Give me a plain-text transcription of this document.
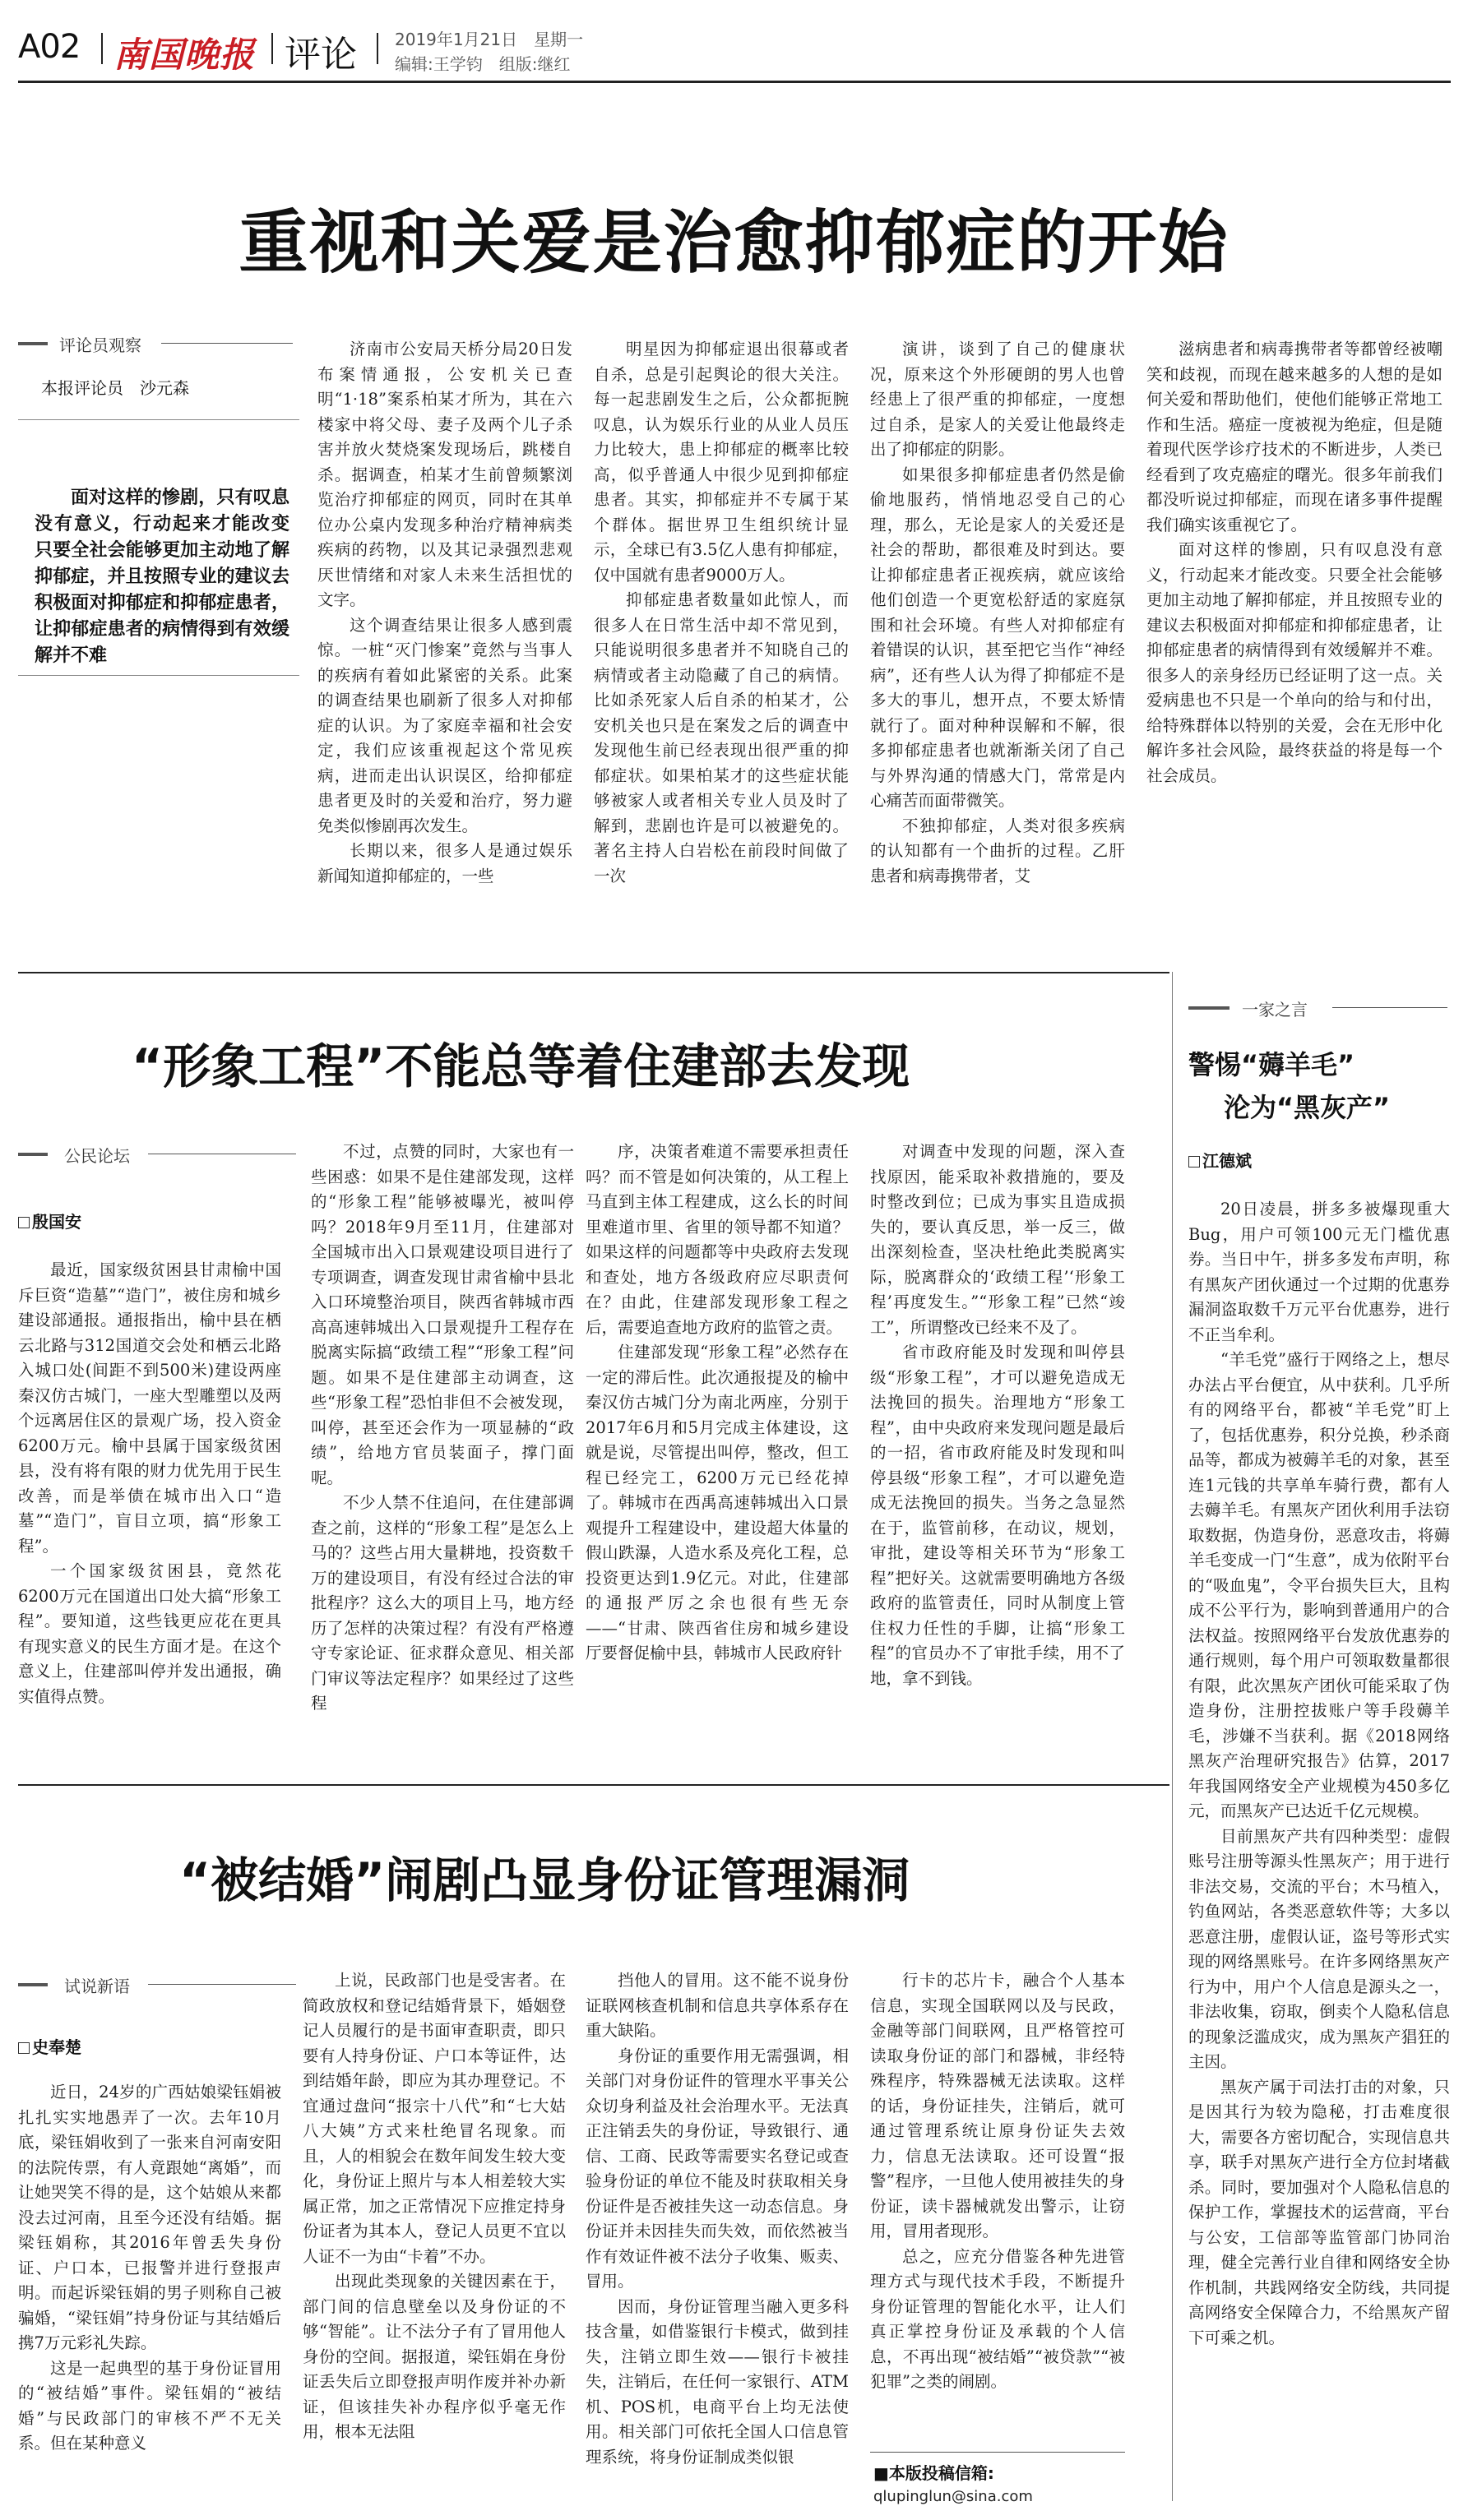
A02 南国晚报 评论 2019年1月21日　星期一
编辑:王学钧　组版:继红
重视和关爱是治愈抑郁症的开始
评论员观察
本报评论员　沙元森
面对这样的惨剧，只有叹息没有意义，行动起来才能改变　只要全社会能够更加主动地了解抑郁症，并且按照专业的建议去积极面对抑郁症和抑郁症患者，让抑郁症患者的病情得到有效缓解并不难

济南市公安局天桥分局20日发布案情通报，公安机关已查明“1·18”案系柏某才所为，其在六楼家中将父母、妻子及两个儿子杀害并放火焚烧案发现场后，跳楼自杀。据调查，柏某才生前曾频繁浏览治疗抑郁症的网页，同时在其单位办公桌内发现多种治疗精神病类疾病的药物，以及其记录强烈悲观厌世情绪和对家人未来生活担忧的文字。

这个调查结果让很多人感到震惊。一桩“灭门惨案”竟然与当事人的疾病有着如此紧密的关系。此案的调查结果也刷新了很多人对抑郁症的认识。为了家庭幸福和社会安定，我们应该重视起这个常见疾病，进而走出认识误区，给抑郁症患者更及时的关爱和治疗，努力避免类似惨剧再次发生。

长期以来，很多人是通过娱乐新闻知道抑郁症的，一些

明星因为抑郁症退出很幕或者自杀，总是引起舆论的很大关注。每一起悲剧发生之后，公众都扼腕叹息，认为娱乐行业的从业人员压力比较大，患上抑郁症的概率比较高，似乎普通人中很少见到抑郁症患者。其实，抑郁症并不专属于某个群体。据世界卫生组织统计显示，全球已有3.5亿人患有抑郁症，仅中国就有患者9000万人。

抑郁症患者数量如此惊人，而很多人在日常生活中却不常见到，只能说明很多患者并不知晓自己的病情或者主动隐藏了自己的病情。比如杀死家人后自杀的柏某才，公安机关也只是在案发之后的调查中发现他生前已经表现出很严重的抑郁症状。如果柏某才的这些症状能够被家人或者相关专业人员及时了解到，悲剧也许是可以被避免的。著名主持人白岩松在前段时间做了一次

演讲，谈到了自己的健康状况，原来这个外形硬朗的男人也曾经患上了很严重的抑郁症，一度想过自杀，是家人的关爱让他最终走出了抑郁症的阴影。

如果很多抑郁症患者仍然是偷偷地服药，悄悄地忍受自己的心理，那么，无论是家人的关爱还是社会的帮助，都很难及时到达。要让抑郁症患者正视疾病，就应该给他们创造一个更宽松舒适的家庭氛围和社会环境。有些人对抑郁症有着错误的认识，甚至把它当作“神经病”，还有些人认为得了抑郁症不是多大的事儿，想开点，不要太矫情就行了。面对种种误解和不解，很多抑郁症患者也就渐渐关闭了自己与外界沟通的情感大门，常常是内心痛苦而面带微笑。

不独抑郁症，人类对很多疾病的认知都有一个曲折的过程。乙肝患者和病毒携带者，艾

滋病患者和病毒携带者等都曾经被嘲笑和歧视，而现在越来越多的人想的是如何关爱和帮助他们，使他们能够正常地工作和生活。癌症一度被视为绝症，但是随着现代医学诊疗技术的不断进步，人类已经看到了攻克癌症的曙光。很多年前我们都没听说过抑郁症，而现在诸多事件提醒我们确实该重视它了。

面对这样的惨剧，只有叹息没有意义，行动起来才能改变。只要全社会能够更加主动地了解抑郁症，并且按照专业的建议去积极面对抑郁症和抑郁症患者，让抑郁症患者的病情得到有效缓解并不难。很多人的亲身经历已经证明了这一点。关爱病患也不只是一个单向的给与和付出，给特殊群体以特别的关爱，会在无形中化解许多社会风险，最终获益的将是每一个社会成员。

“形象工程”不能总等着住建部去发现
公民论坛
殷国安

最近，国家级贫困县甘肃榆中国斥巨资“造墓”“造门”，被住房和城乡建设部通报。通报指出，榆中县在栖云北路与312国道交会处和栖云北路入城口处(间距不到500米)建设两座秦汉仿古城门，一座大型雕塑以及两个远离居住区的景观广场，投入资金6200万元。榆中县属于国家级贫困县，没有将有限的财力优先用于民生改善，而是举债在城市出入口“造墓”“造门”，盲目立项，搞“形象工程”。

一个国家级贫困县，竟然花6200万元在国道出口处大搞“形象工程”。要知道，这些钱更应花在更具有现实意义的民生方面才是。在这个意义上，住建部叫停并发出通报，确实值得点赞。

不过，点赞的同时，大家也有一些困惑：如果不是住建部发现，这样的“形象工程”能够被曝光，被叫停吗？2018年9月至11月，住建部对全国城市出入口景观建设项目进行了专项调查，调查发现甘肃省榆中县北入口环境整治项目，陕西省韩城市西高高速韩城出入口景观提升工程存在脱离实际搞“政绩工程”“形象工程”问题。如果不是住建部主动调查，这些“形象工程”恐怕非但不会被发现，叫停，甚至还会作为一项显赫的“政绩”，给地方官员装面子，撑门面呢。

不少人禁不住追问，在住建部调查之前，这样的“形象工程”是怎么上马的？这些占用大量耕地，投资数千万的建设项目，有没有经过合法的审批程序？这么大的项目上马，地方经历了怎样的决策过程？有没有严格遵守专家论证、征求群众意见、相关部门审议等法定程序？如果经过了这些程

序，决策者难道不需要承担责任吗？而不管是如何决策的，从工程上马直到主体工程建成，这么长的时间里难道市里、省里的领导都不知道？如果这样的问题都等中央政府去发现和查处，地方各级政府应尽职责何在？由此，住建部发现形象工程之后，需要追查地方政府的监管之责。

住建部发现“形象工程”必然存在一定的滞后性。此次通报提及的榆中秦汉仿古城门分为南北两座，分别于2017年6月和5月完成主体建设，这就是说，尽管提出叫停，整改，但工程已经完工，6200万元已经花掉了。韩城市在西禹高速韩城出入口景观提升工程建设中，建设超大体量的假山跌瀑，人造水系及亮化工程，总投资更达到1.9亿元。对此，住建部的通报严厉之余也很有些无奈——“甘肃、陕西省住房和城乡建设厅要督促榆中县，韩城市人民政府针

对调查中发现的问题，深入查找原因，能采取补救措施的，要及时整改到位；已成为事实且造成损失的，要认真反思，举一反三，做出深刻检查，坚决杜绝此类脱离实际，脱离群众的‘政绩工程’‘形象工程’再度发生。”“形象工程”已然“竣工”，所谓整改已经来不及了。

省市政府能及时发现和叫停县级“形象工程”，才可以避免造成无法挽回的损失。治理地方“形象工程”，由中央政府来发现问题是最后的一招，省市政府能及时发现和叫停县级“形象工程”，才可以避免造成无法挽回的损失。当务之急显然在于，监管前移，在动议，规划，审批，建设等相关环节为“形象工程”把好关。这就需要明确地方各级政府的监管责任，同时从制度上管住权力任性的手脚，让搞“形象工程”的官员办不了审批手续，用不了地，拿不到钱。

“被结婚”闹剧凸显身份证管理漏洞
试说新语
史奉楚

近日，24岁的广西姑娘梁钰娟被扎扎实实地愚弄了一次。去年10月底，梁钰娟收到了一张来自河南安阳的法院传票，有人竟跟她“离婚”，而让她哭笑不得的是，这个姑娘从来都没去过河南，且至今还没有结婚。据梁钰娟称，其2016年曾丢失身份证、户口本，已报警并进行登报声明。而起诉梁钰娟的男子则称自己被骗婚，“梁钰娟”持身份证与其结婚后携7万元彩礼失踪。

这是一起典型的基于身份证冒用的“被结婚”事件。梁钰娟的“被结婚”与民政部门的审核不严不无关系。但在某种意义

上说，民政部门也是受害者。在简政放权和登记结婚背景下，婚姻登记人员履行的是书面审查职责，即只要有人持身份证、户口本等证件，达到结婚年龄，即应为其办理登记。不宜通过盘问“报宗十八代”和“七大姑八大姨”方式来杜绝冒名现象。而且，人的相貌会在数年间发生较大变化，身份证上照片与本人相差较大实属正常，加之正常情况下应推定持身份证者为其本人，登记人员更不宜以人证不一为由“卡着”不办。

出现此类现象的关键因素在于，部门间的信息壁垒以及身份证的不够“智能”。让不法分子有了冒用他人身份的空间。据报道，梁钰娟在身份证丢失后立即登报声明作废并补办新证，但该挂失补办程序似乎毫无作用，根本无法阻

挡他人的冒用。这不能不说身份证联网核查机制和信息共享体系存在重大缺陷。

身份证的重要作用无需强调，相关部门对身份证件的管理水平事关公众切身利益及社会治理水平。无法真正注销丢失的身份证，导致银行、通信、工商、民政等需要实名登记或查验身份证的单位不能及时获取相关身份证件是否被挂失这一动态信息。身份证并未因挂失而失效，而依然被当作有效证件被不法分子收集、贩卖、冒用。

因而，身份证管理当融入更多科技含量，如借鉴银行卡模式，做到挂失，注销立即生效——银行卡被挂失，注销后，在任何一家银行、ATM机、POS机，电商平台上均无法使用。相关部门可依托全国人口信息管理系统，将身份证制成类似银

行卡的芯片卡，融合个人基本信息，实现全国联网以及与民政，金融等部门间联网，且严格管控可读取身份证的部门和器械，非经特殊程序，特殊器械无法读取。这样的话，身份证挂失，注销后，就可通过管理系统让原身份证失去效力，信息无法读取。还可设置“报警”程序，一旦他人使用被挂失的身份证，读卡器械就发出警示，让窃用，冒用者现形。

总之，应充分借鉴各种先进管理方式与现代技术手段，不断提升身份证管理的智能化水平，让人们真正掌控身份证及承载的个人信息，不再出现“被结婚”“被贷款”“被犯罪”之类的闹剧。

■本版投稿信箱:
qlupinglun@sina.com
一家之言
警惕“薅羊毛”
沦为“黑灰产”
江德斌

20日凌晨，拼多多被爆现重大Bug，用户可领100元无门槛优惠券。当日中午，拼多多发布声明，称有黑灰产团伙通过一个过期的优惠券漏洞盗取数千万元平台优惠券，进行不正当牟利。

“羊毛党”盛行于网络之上，想尽办法占平台便宜，从中获利。几乎所有的网络平台，都被“羊毛党”盯上了，包括优惠券，积分兑换，秒杀商品等，都成为被薅羊毛的对象，甚至连1元钱的共享单车骑行费，都有人去薅羊毛。有黑灰产团伙利用手法窃取数据，伪造身份，恶意攻击，将薅羊毛变成一门“生意”，成为依附平台的“吸血鬼”，令平台损失巨大，且构成不公平行为，影响到普通用户的合法权益。按照网络平台发放优惠券的通行规则，每个用户可领取数量都很有限，此次黑灰产团伙可能采取了伪造身份，注册控拔账户等手段薅羊毛，涉嫌不当获利。据《2018网络黑灰产治理研究报告》估算，2017年我国网络安全产业规模为450多亿元，而黑灰产已达近千亿元规模。

目前黑灰产共有四种类型：虚假账号注册等源头性黑灰产；用于进行非法交易，交流的平台；木马植入，钓鱼网站，各类恶意软件等；大多以恶意注册，虚假认证，盗号等形式实现的网络黑账号。在许多网络黑灰产行为中，用户个人信息是源头之一，非法收集，窃取，倒卖个人隐私信息的现象泛滥成灾，成为黑灰产猖狂的主因。

黑灰产属于司法打击的对象，只是因其行为较为隐秘，打击难度很大，需要各方密切配合，实现信息共享，联手对黑灰产进行全方位封堵截杀。同时，要加强对个人隐私信息的保护工作，掌握技术的运营商，平台与公安，工信部等监管部门协同治理，健全完善行业自律和网络安全协作机制，共践网络安全防线，共同提高网络安全保障合力，不给黑灰产留下可乘之机。
